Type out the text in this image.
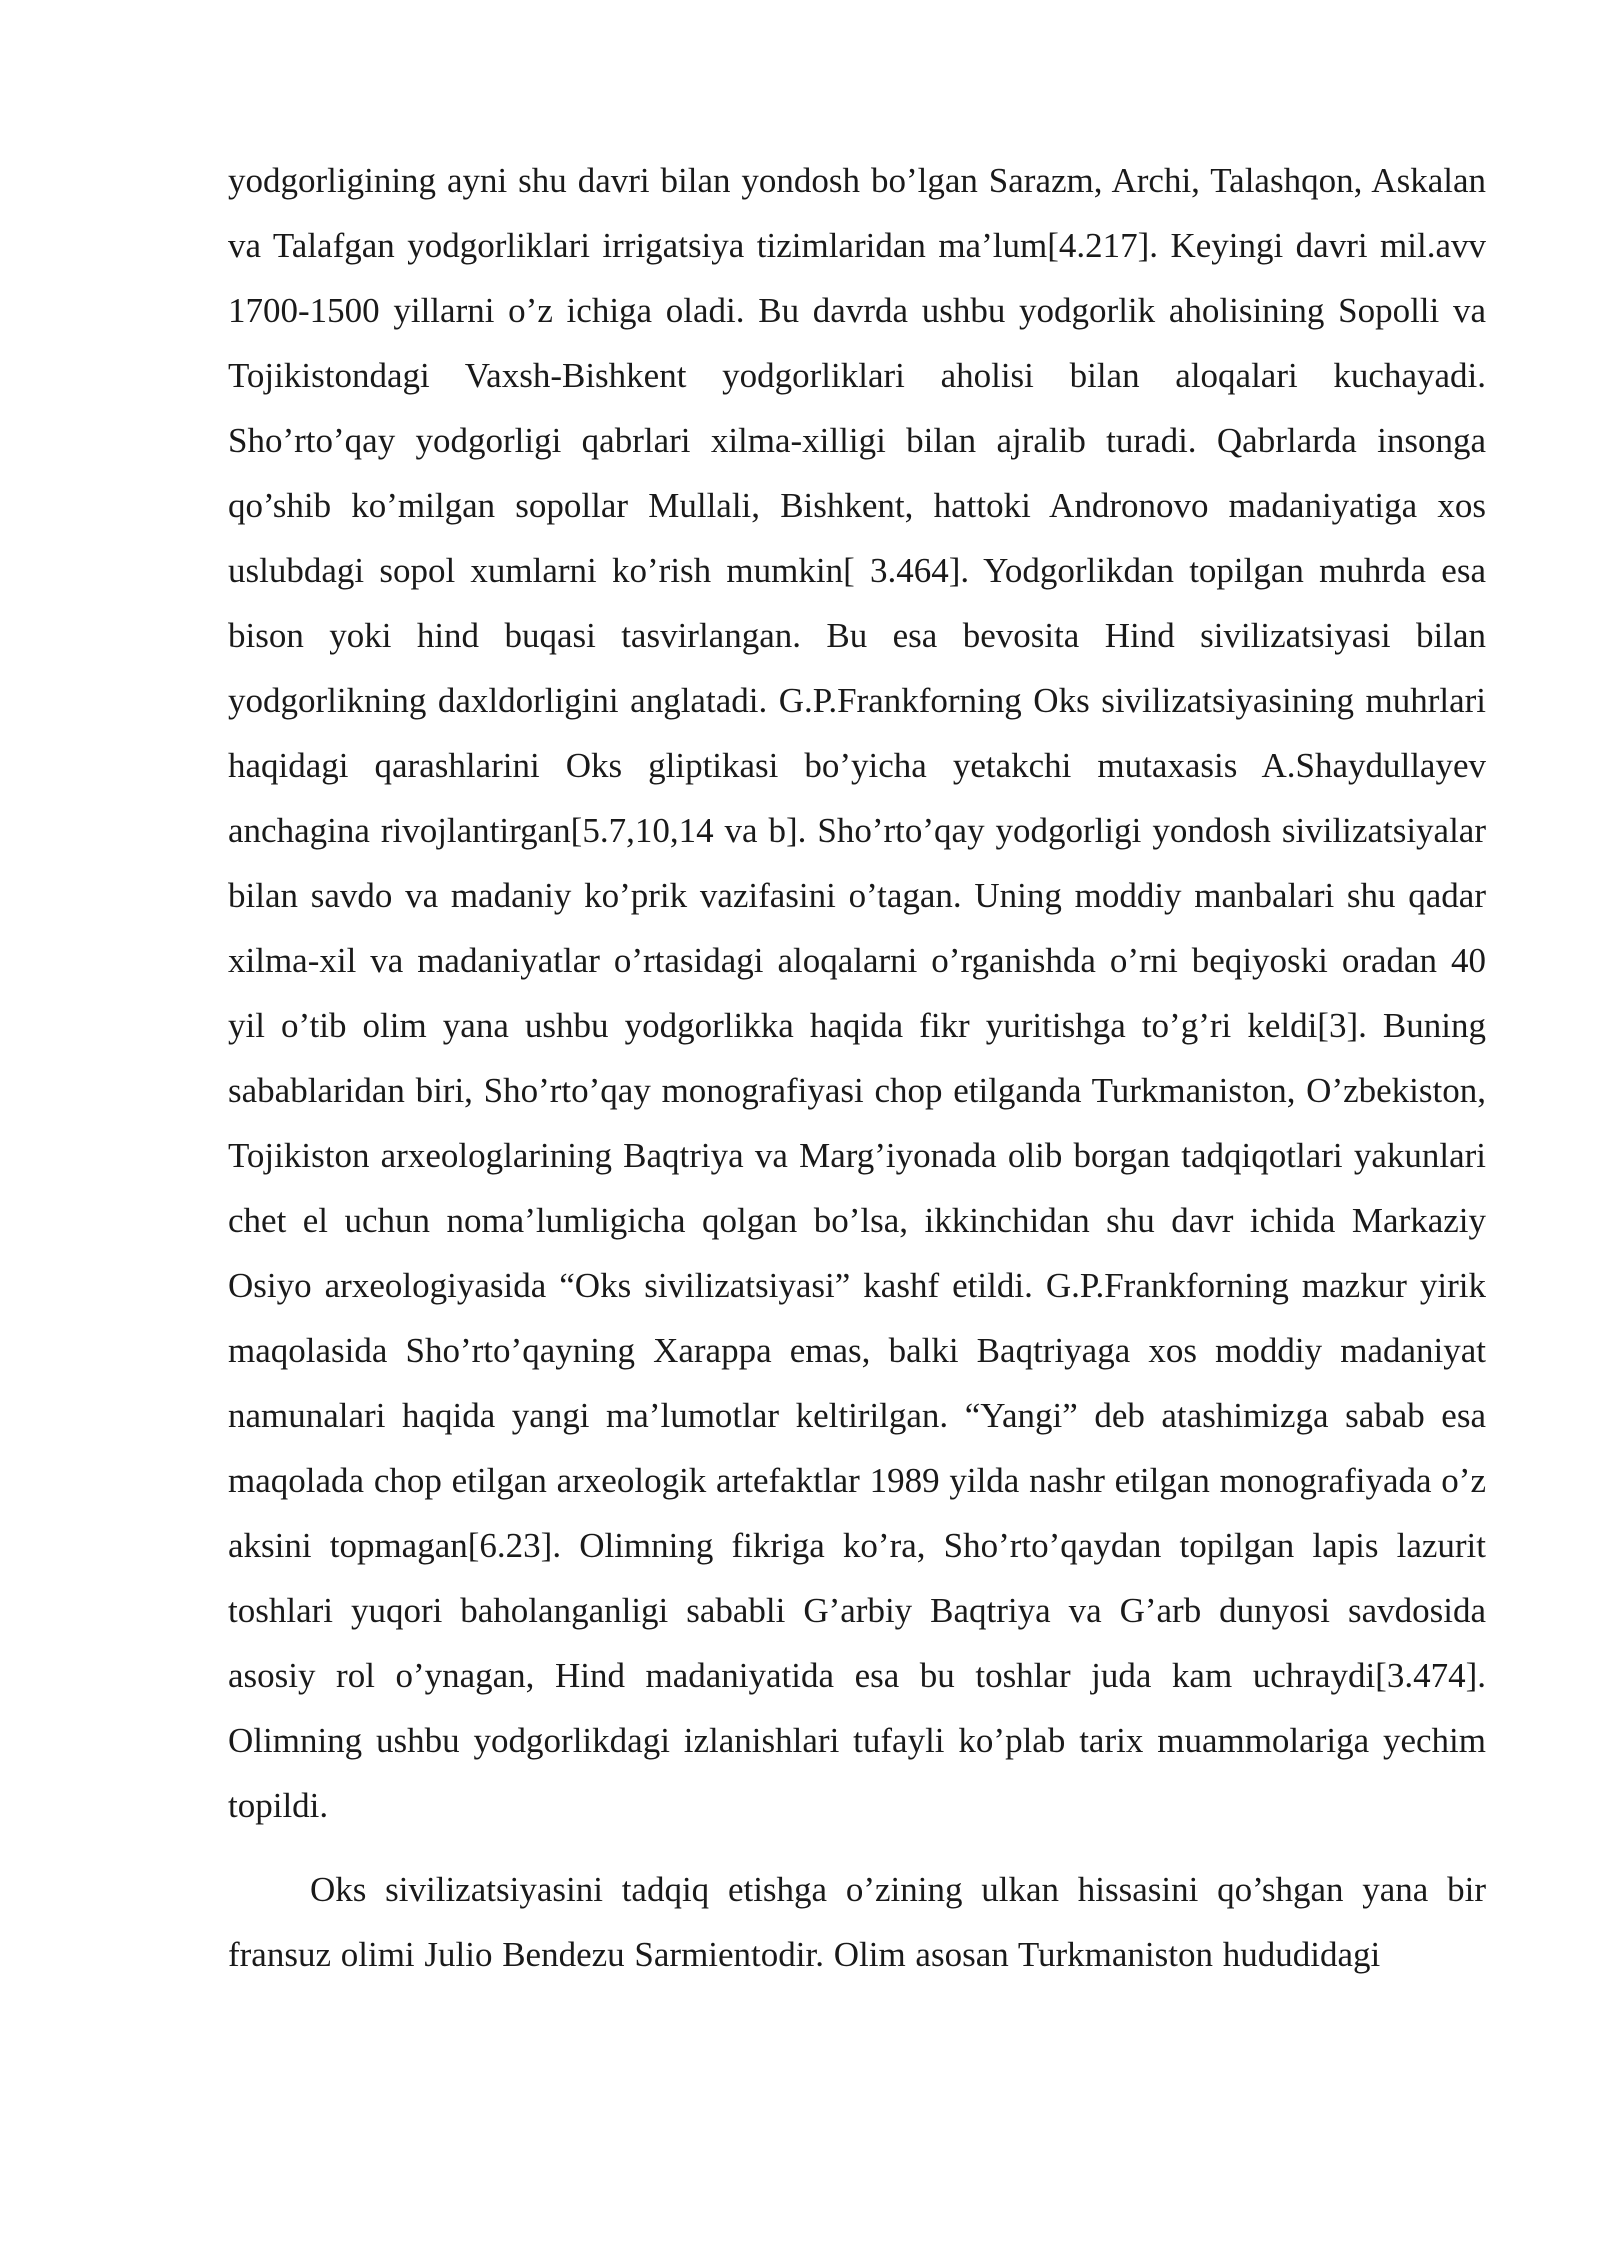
yodgorligining ayni shu davri bilan yondosh bo’lgan Sarazm, Archi, Talashqon, Askalan va Talafgan yodgorliklari irrigatsiya tizimlaridan ma’lum[4.217]. Keyingi davri mil.avv 1700-1500 yillarni o’z ichiga oladi. Bu davrda ushbu yodgorlik aholisining Sopolli va Tojikistondagi Vaxsh-Bishkent yodgorliklari aholisi bilan aloqalari kuchayadi. Sho’rto’qay yodgorligi qabrlari xilma-xilligi bilan ajralib turadi. Qabrlarda insonga qo’shib ko’milgan sopollar Mullali, Bishkent, hattoki Andronovo madaniyatiga xos uslubdagi sopol xumlarni ko’rish mumkin[ 3.464]. Yodgorlikdan topilgan muhrda esa bison yoki hind buqasi tasvirlangan. Bu esa bevosita Hind sivilizatsiyasi bilan yodgorlikning daxldorligini anglatadi. G.P.Frankforning Oks sivilizatsiyasining muhrlari haqidagi qarashlarini Oks gliptikasi bo’yicha yetakchi mutaxasis A.Shaydullayev anchagina rivojlantirgan[5.7,10,14 va b]. Sho’rto’qay yodgorligi yondosh sivilizatsiyalar bilan savdo va madaniy ko’prik vazifasini o’tagan. Uning moddiy manbalari shu qadar xilma-xil va madaniyatlar o’rtasidagi aloqalarni o’rganishda o’rni beqiyoski oradan 40 yil o’tib olim yana ushbu yodgorlikka haqida fikr yuritishga to’g’ri keldi[3]. Buning sabablaridan biri, Sho’rto’qay monografiyasi chop etilganda Turkmaniston, O’zbekiston, Tojikiston arxeologlarining Baqtriya va Marg’iyonada olib borgan tadqiqotlari yakunlari chet el uchun noma’lumligicha qolgan bo’lsa, ikkinchidan shu davr ichida Markaziy Osiyo arxeologiyasida “Oks sivilizatsiyasi” kashf etildi. G.P.Frankforning mazkur yirik maqolasida Sho’rto’qayning Xarappa emas, balki Baqtriyaga xos moddiy madaniyat namunalari haqida yangi ma’lumotlar keltirilgan. “Yangi” deb atashimizga sabab esa maqolada chop etilgan arxeologik artefaktlar 1989 yilda nashr etilgan monografiyada o’z aksini topmagan[6.23]. Olimning fikriga ko’ra, Sho’rto’qaydan topilgan lapis lazurit toshlari yuqori baholanganligi sababli G’arbiy Baqtriya va G’arb dunyosi savdosida asosiy rol o’ynagan, Hind madaniyatida esa bu toshlar juda kam uchraydi[3.474]. Olimning ushbu yodgorlikdagi izlanishlari tufayli ko’plab tarix muammolariga yechim topildi.

Oks sivilizatsiyasini tadqiq etishga o’zining ulkan hissasini qo’shgan yana bir fransuz olimi Julio Bendezu Sarmientodir. Olim asosan Turkmaniston hududidagi
